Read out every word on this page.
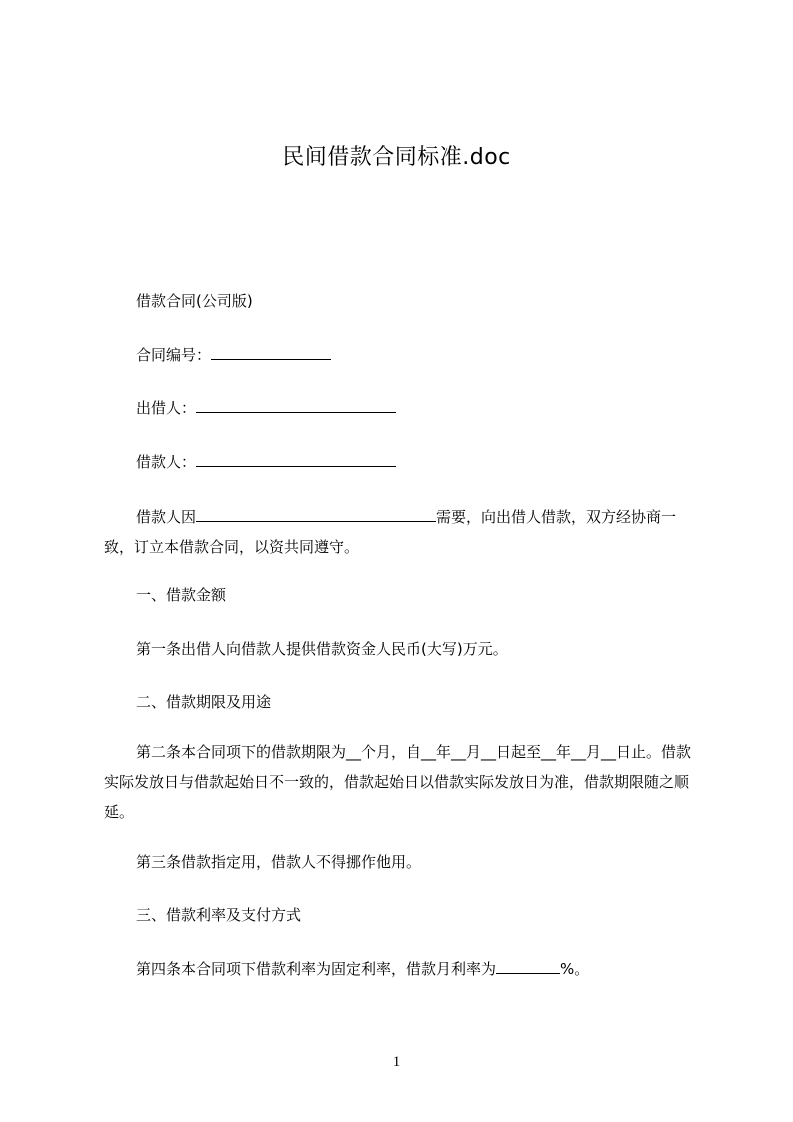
民间借款合同标准.doc
借款合同(公司版)
合同编号：
出借人：
借款人：
借款人因	需要，向出借人借款，双方经协商一致，订立本借款合同，以资共同遵守。
一、借款金额
第一条出借人向借款人提供借款资金人民币(大写)万元。
二、借款期限及用途
第二条本合同项下的借款期限为__个月，自__年__月__日起至__年__月__日止。借款实际发放日与借款起始日不一致的，借款起始日以借款实际发放日为准，借款期限随之顺延。
第三条借款指定用，借款人不得挪作他用。
三、借款利率及支付方式
第四条本合同项下借款利率为固定利率，借款月利率为	%。
1
